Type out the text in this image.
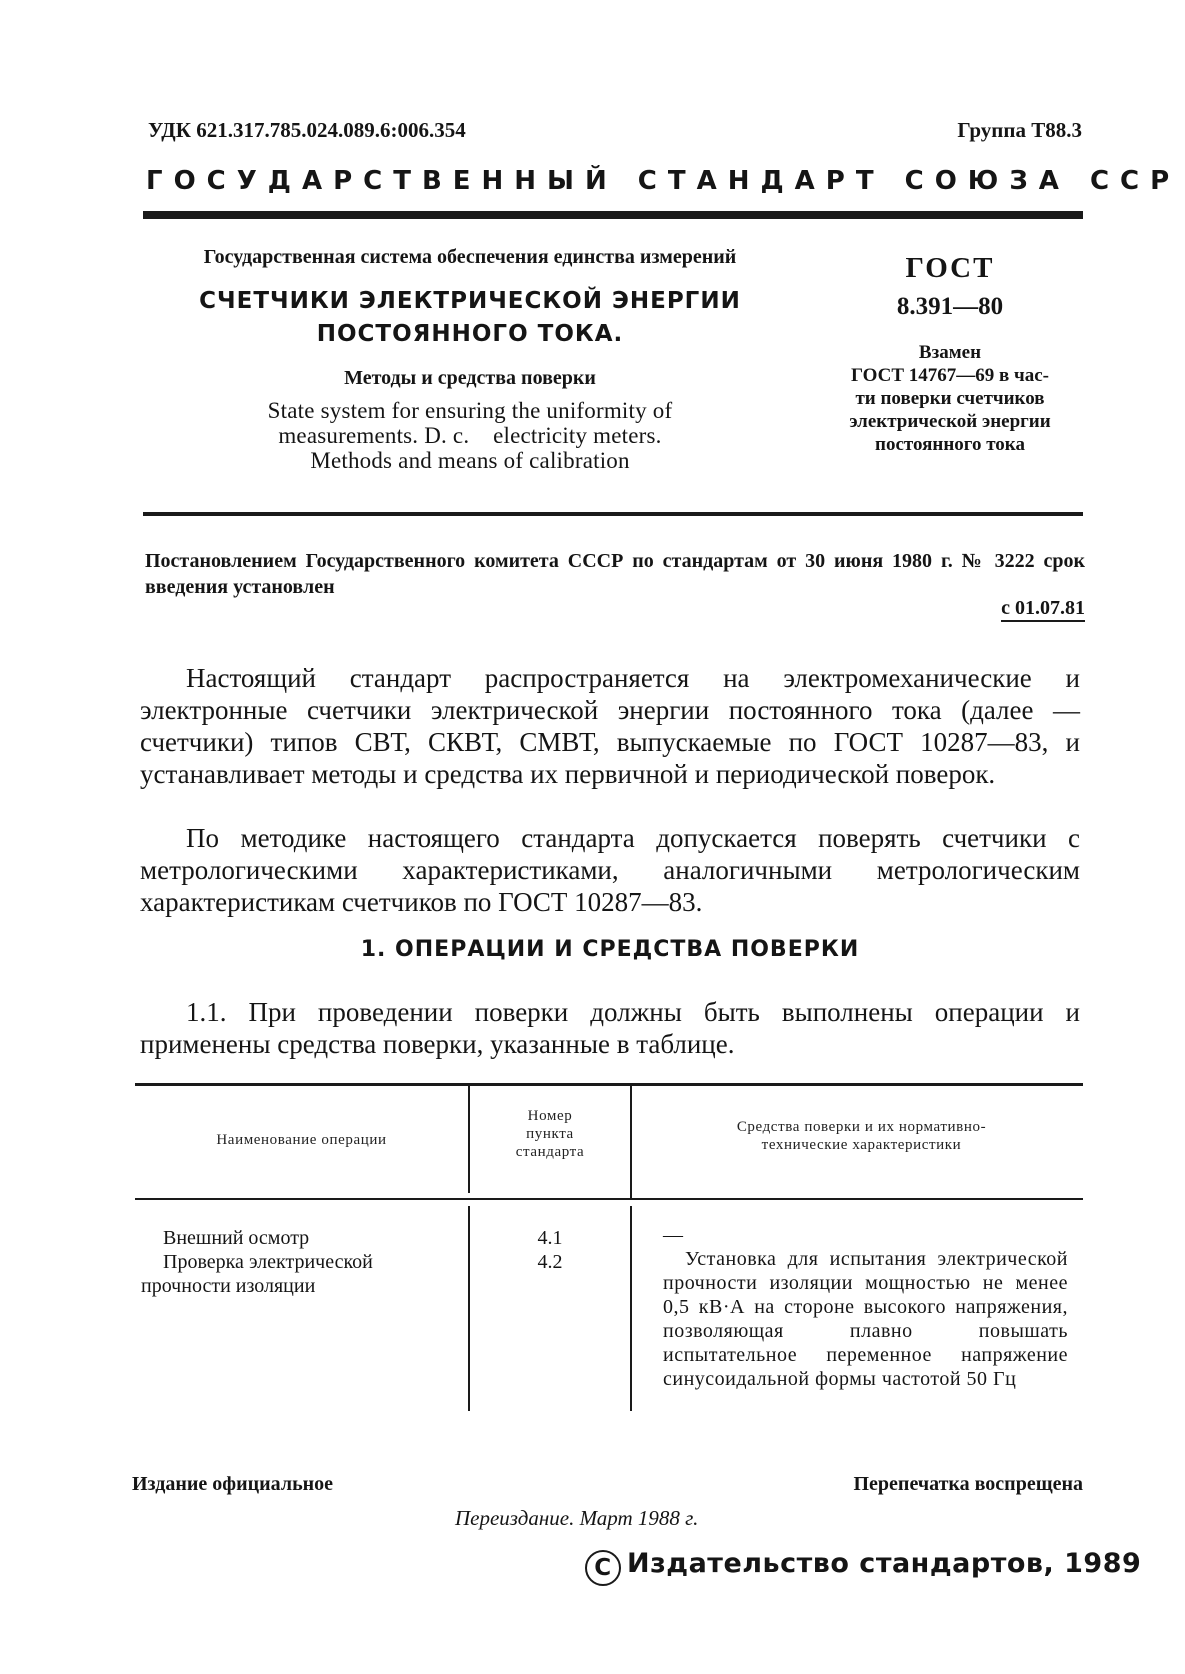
УДК 621.317.785.024.089.6:006.354	Группа Т88.3
ГОСУДАРСТВЕННЫЙ СТАНДАРТ СОЮЗА ССР
Государственная система обеспечения единства измерений
СЧЕТЧИКИ ЭЛЕКТРИЧЕСКОЙ ЭНЕРГИИ
ПОСТОЯННОГО ТОКА.
Методы и средства поверки
State system for ensuring the uniformity of
measurements. D. c.    electricity meters.
Methods and means of calibration
ГОСТ
8.391—80
Взамен
ГОСТ 14767—69 в час-
ти поверки счетчиков
электрической энергии
постоянного тока
Постановлением Государственного комитета СССР по стандартам от 30 июня 1980 г. № 3222 срок введения установлен
с 01.07.81
Настоящий стандарт распространяется на электромеханические и электронные счетчики электрической энергии постоянного тока (далее — счетчики) типов СВТ, СКВТ, СМВТ, выпускаемые по ГОСТ 10287—83, и устанавливает методы и средства их первичной и периодической поверок.
По методике настоящего стандарта допускается поверять счетчики с метрологическими характеристиками, аналогичными метрологическим характеристикам счетчиков по ГОСТ 10287—83.
1. ОПЕРАЦИИ И СРЕДСТВА ПОВЕРКИ
1.1. При проведении поверки должны быть выполнены операции и применены средства поверки, указанные в таблице.
Наименование операции
Номер
пункта
стандарта
Средства поверки и их нормативно-
технические характеристики
Внешний осмотр
Проверка электрической прочности изоляции
4.1
4.2
—
Установка для испытания электрической прочности изоляции мощностью не менее 0,5 кВ·А на стороне высокого напряжения, позволяющая плавно повышать испытательное переменное напряжение синусоидальной формы частотой 50 Гц
Издание официальное	Перепечатка воспрещена
Переиздание. Март 1988 г.
C Издательство стандартов, 1989
